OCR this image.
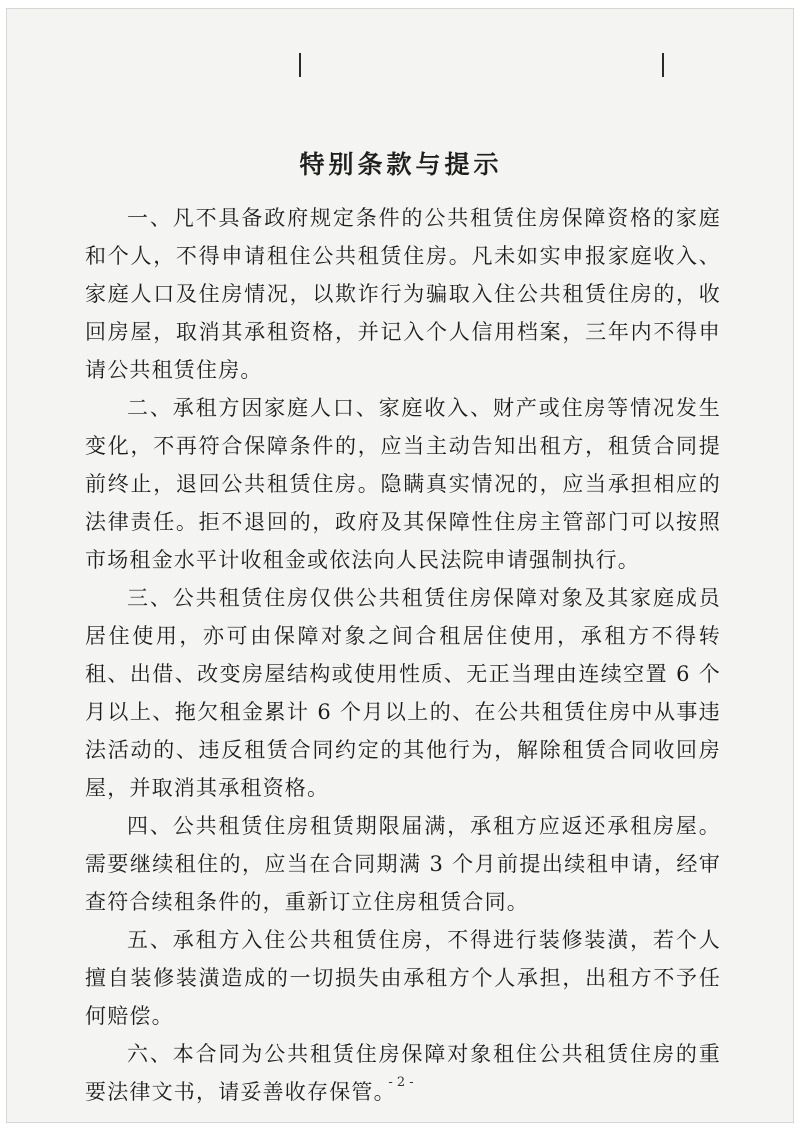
特别条款与提示

一、凡不具备政府规定条件的公共租赁住房保障资格的家庭和个人，不得申请租住公共租赁住房。凡未如实申报家庭收入、家庭人口及住房情况，以欺诈行为骗取入住公共租赁住房的，收回房屋，取消其承租资格，并记入个人信用档案，三年内不得申请公共租赁住房。

二、承租方因家庭人口、家庭收入、财产或住房等情况发生变化，不再符合保障条件的，应当主动告知出租方，租赁合同提前终止，退回公共租赁住房。隐瞒真实情况的，应当承担相应的法律责任。拒不退回的，政府及其保障性住房主管部门可以按照市场租金水平计收租金或依法向人民法院申请强制执行。

三、公共租赁住房仅供公共租赁住房保障对象及其家庭成员居住使用，亦可由保障对象之间合租居住使用，承租方不得转租、出借、改变房屋结构或使用性质、无正当理由连续空置 6 个月以上、拖欠租金累计 6 个月以上的、在公共租赁住房中从事违法活动的、违反租赁合同约定的其他行为，解除租赁合同收回房屋，并取消其承租资格。

四、公共租赁住房租赁期限届满，承租方应返还承租房屋。需要继续租住的，应当在合同期满 3 个月前提出续租申请，经审查符合续租条件的，重新订立住房租赁合同。

五、承租方入住公共租赁住房，不得进行装修装潢，若个人擅自装修装潢造成的一切损失由承租方个人承担，出租方不予任何赔偿。

六、本合同为公共租赁住房保障对象租住公共租赁住房的重要法律文书，请妥善收存保管。

- 2 -
